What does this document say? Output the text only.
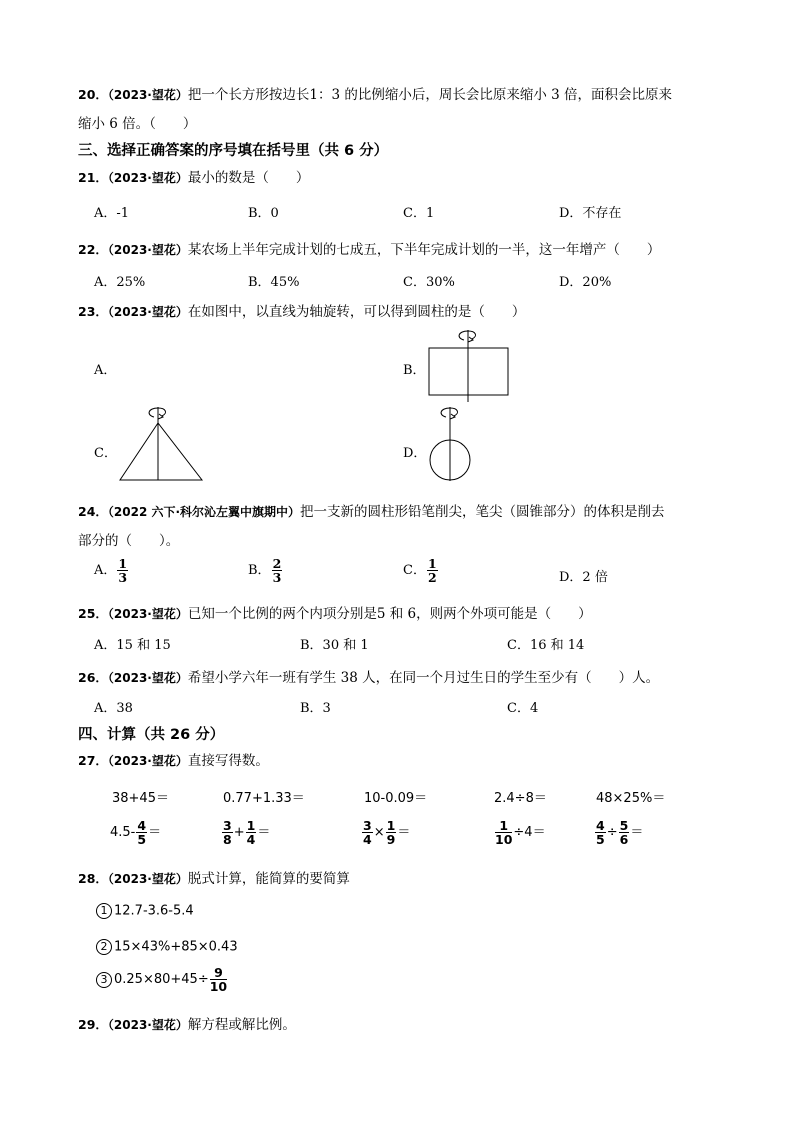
20．（2023·望花）把一个长方形按边长1：3 的比例缩小后，周长会比原来缩小 3 倍，面积会比原来
缩小 6 倍。（　　）
三、选择正确答案的序号填在括号里（共 6 分）
21．（2023·望花）最小的数是（　　）
A．-1	B．0	C．1	D．不存在
22．（2023·望花）某农场上半年完成计划的七成五，下半年完成计划的一半，这一年增产（　　）
A．25%	B．45%	C．30%	D．20%
23．（2023·望花）在如图中，以直线为轴旋转，可以得到圆柱的是（　　）
A．	B．
C．	D．
24．（2022 六下·科尔沁左翼中旗期中）把一支新的圆柱形铅笔削尖，笔尖（圆锥部分）的体积是削去
部分的（　　）。
A． $\frac{1}{3}$	B． $\frac{2}{3}$	C． $\frac{1}{2}$	D．2 倍
25．（2023·望花）已知一个比例的两个内项分别是5 和 6，则两个外项可能是（　　）
A．15 和 15	B．30 和 1	C．16 和 14
26．（2023·望花）希望小学六年一班有学生 38 人，在同一个月过生日的学生至少有（　　）人。
A．38	B．3	C．4
四、计算（共 26 分）
27．（2023·望花）直接写得数。
38+45＝	0.77+1.33＝	10-0.09＝	2.4÷8＝	48×25%＝
$4.5- \frac{4}{5}$ ＝	$\frac{3}{8} + \frac{1}{4}$ ＝	$\frac{3}{4} \times \frac{1}{9}$ ＝	$\frac{1}{10} \div 4=$	$\frac{4}{5} \div \frac{5}{6}$ ＝
28．（2023·望花）脱式计算，能简算的要简算
1 12.7-3.6-5.4
2 15×43%+85×0.43
3 $0.25\times 80+45\div \frac{9}{10}$
29．（2023·望花）解方程或解比例。
